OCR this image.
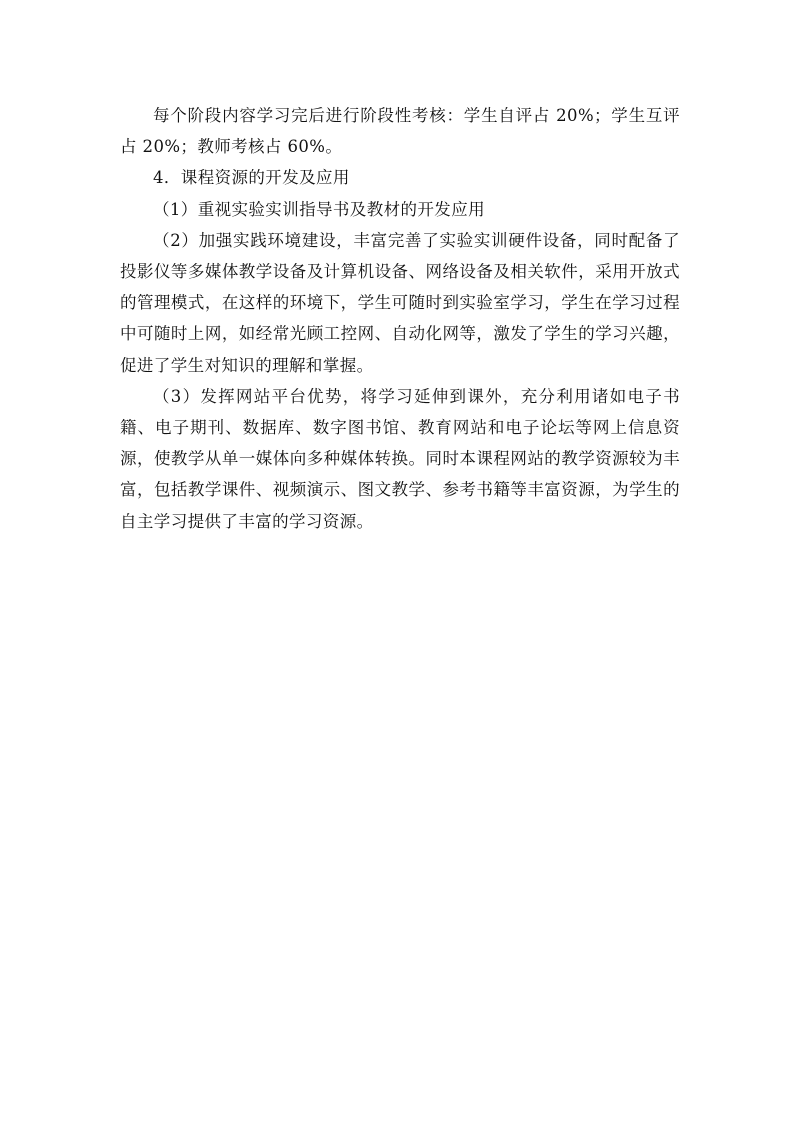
每个阶段内容学习完后进行阶段性考核：学生自评占 20%；学生互评占 20%；教师考核占 60%。

4．课程资源的开发及应用

（1）重视实验实训指导书及教材的开发应用

（2）加强实践环境建设，丰富完善了实验实训硬件设备，同时配备了投影仪等多媒体教学设备及计算机设备、网络设备及相关软件，采用开放式的管理模式，在这样的环境下，学生可随时到实验室学习，学生在学习过程中可随时上网，如经常光顾工控网、自动化网等，激发了学生的学习兴趣，促进了学生对知识的理解和掌握。

（3）发挥网站平台优势，将学习延伸到课外，充分利用诸如电子书籍、电子期刊、数据库、数字图书馆、教育网站和电子论坛等网上信息资源，使教学从单一媒体向多种媒体转换。同时本课程网站的教学资源较为丰富，包括教学课件、视频演示、图文教学、参考书籍等丰富资源，为学生的自主学习提供了丰富的学习资源。
